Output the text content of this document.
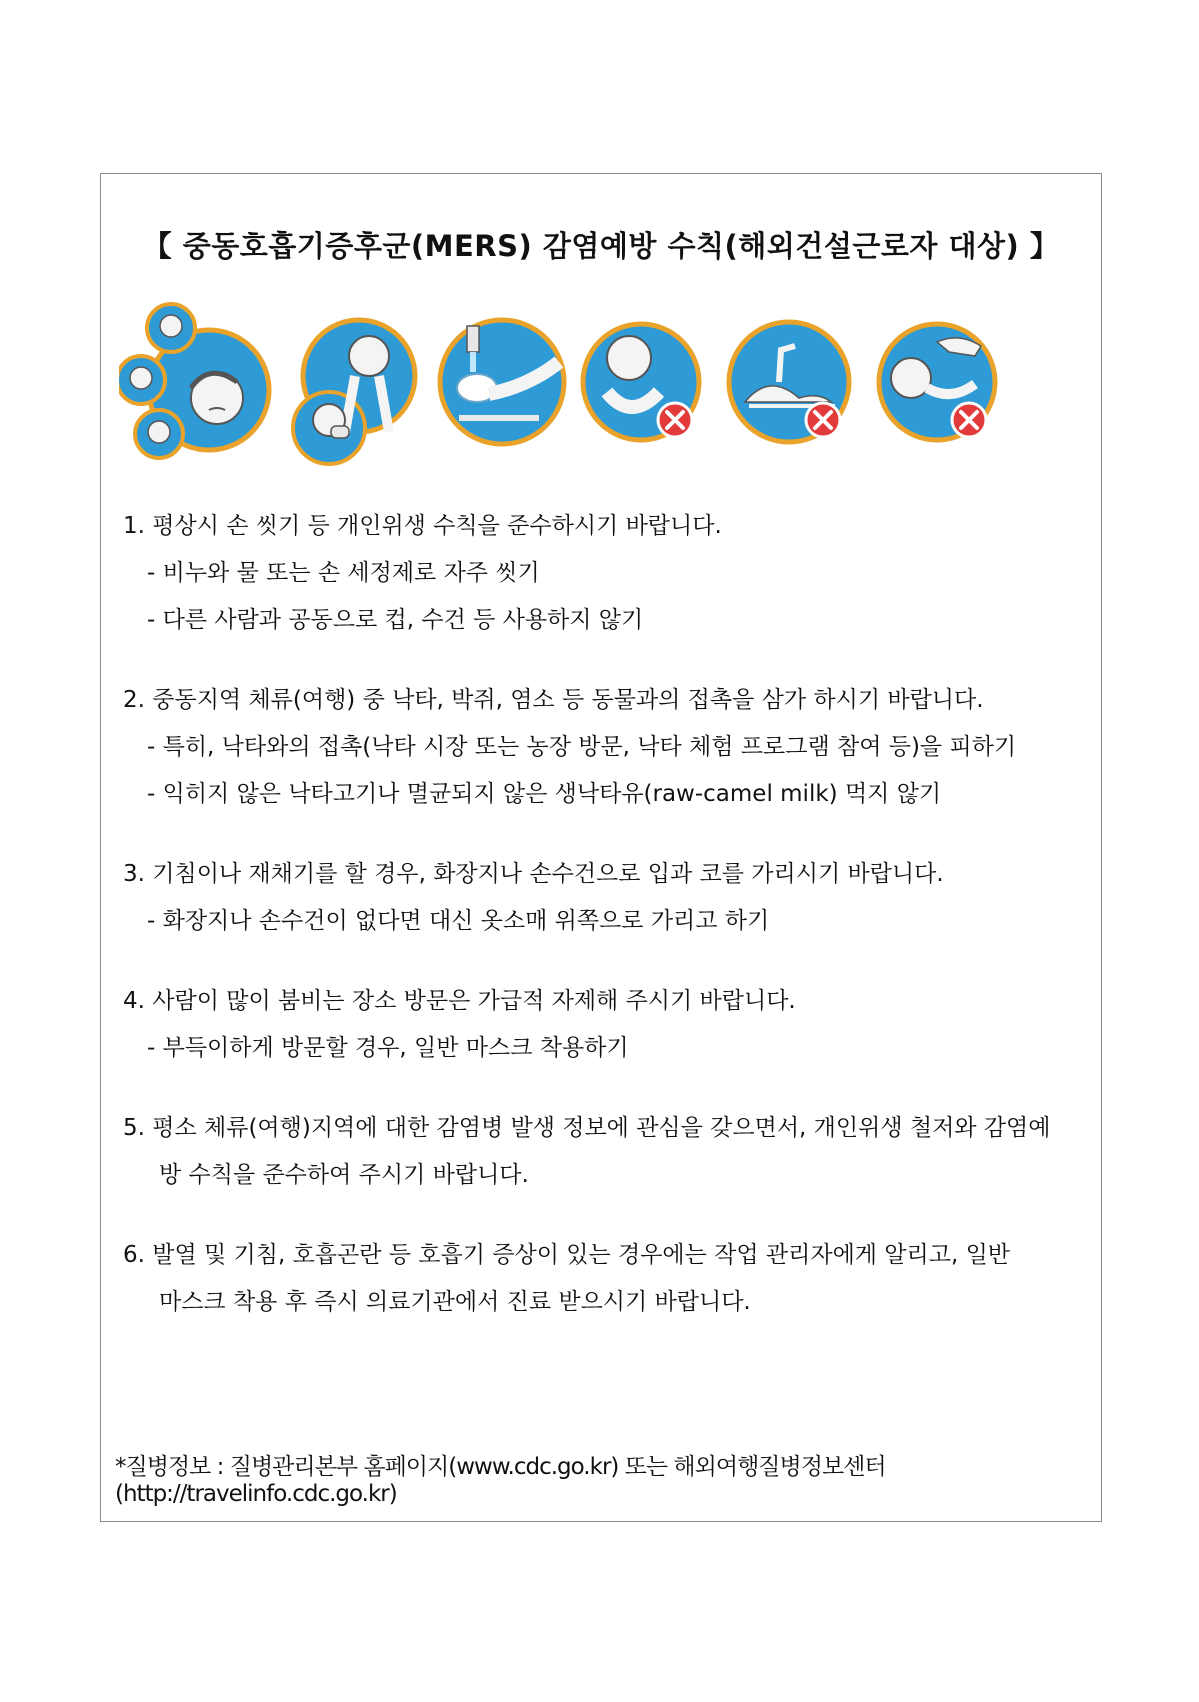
【 중동호흡기증후군(MERS) 감염예방 수칙(해외건설근로자 대상) 】

1. 평상시 손 씻기 등 개인위생 수칙을 준수하시기 바랍니다.

- 비누와 물 또는 손 세정제로 자주 씻기

- 다른 사람과 공동으로 컵, 수건 등 사용하지 않기

2. 중동지역 체류(여행) 중 낙타, 박쥐, 염소 등 동물과의 접촉을 삼가 하시기 바랍니다.

- 특히, 낙타와의 접촉(낙타 시장 또는 농장 방문, 낙타 체험 프로그램 참여 등)을 피하기

- 익히지 않은 낙타고기나 멸균되지 않은 생낙타유(raw-camel milk) 먹지 않기

3. 기침이나 재채기를 할 경우, 화장지나 손수건으로 입과 코를 가리시기 바랍니다.

- 화장지나 손수건이 없다면 대신 옷소매 위쪽으로 가리고 하기

4. 사람이 많이 붐비는 장소 방문은 가급적 자제해 주시기 바랍니다.

- 부득이하게 방문할 경우, 일반 마스크 착용하기

5. 평소 체류(여행)지역에 대한 감염병 발생 정보에 관심을 갖으면서, 개인위생 철저와 감염예

방 수칙을 준수하여 주시기 바랍니다.

6. 발열 및 기침, 호흡곤란 등 호흡기 증상이 있는 경우에는 작업 관리자에게 알리고, 일반

마스크 착용 후 즉시 의료기관에서 진료 받으시기 바랍니다.

*질병정보 : 질병관리본부 홈페이지(www.cdc.go.kr) 또는 해외여행질병정보센터(http://travelinfo.cdc.go.kr)
